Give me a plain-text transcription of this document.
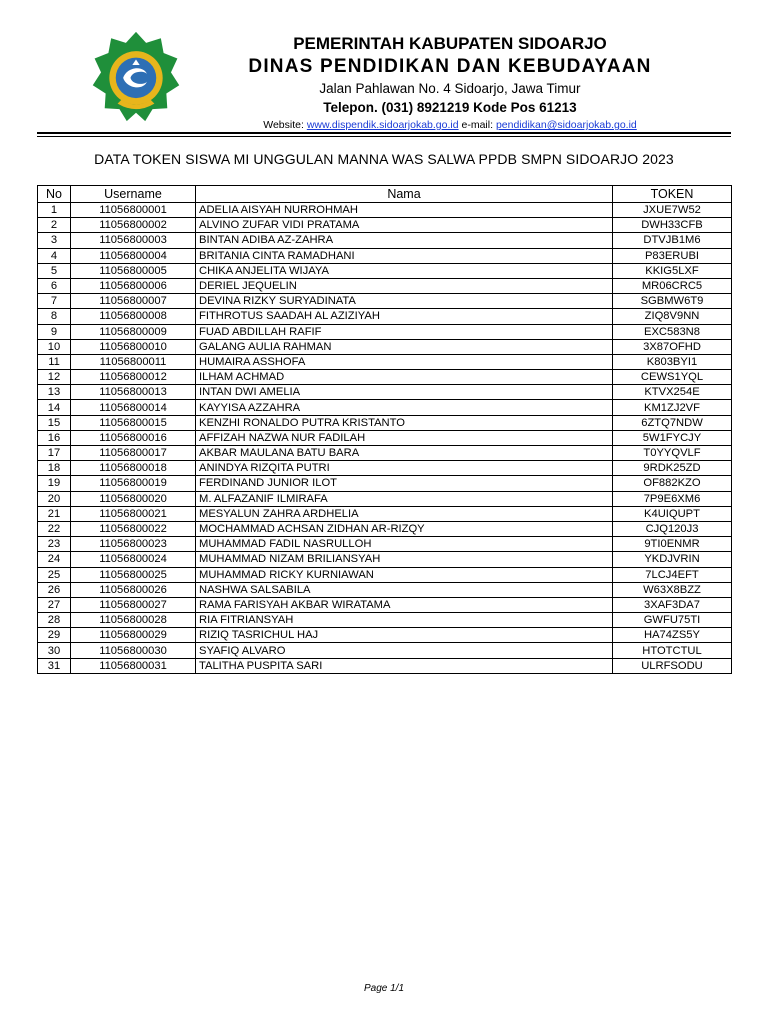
PEMERINTAH KABUPATEN SIDOARJO
DINAS PENDIDIKAN DAN KEBUDAYAAN
Jalan Pahlawan No. 4 Sidoarjo, Jawa Timur
Telepon. (031) 8921219 Kode Pos 61213
Website: www.dispendik.sidoarjokab.go.id e-mail: pendidikan@sidoarjokab.go.id
DATA TOKEN SISWA MI UNGGULAN MANNA WAS SALWA PPDB SMPN SIDOARJO 2023
No	Username	Nama	TOKEN
1	11056800001	ADELIA AISYAH NURROHMAH	JXUE7W52
2	11056800002	ALVINO ZUFAR VIDI PRATAMA	DWH33CFB
3	11056800003	BINTAN ADIBA AZ-ZAHRA	DTVJB1M6
4	11056800004	BRITANIA CINTA RAMADHANI	P83ERUBI
5	11056800005	CHIKA ANJELITA WIJAYA	KKIG5LXF
6	11056800006	DERIEL JEQUELIN	MR06CRC5
7	11056800007	DEVINA RIZKY SURYADINATA	SGBMW6T9
8	11056800008	FITHROTUS SAADAH AL AZIZIYAH	ZIQ8V9NN
9	11056800009	FUAD ABDILLAH RAFIF	EXC583N8
10	11056800010	GALANG AULIA RAHMAN	3X87OFHD
11	11056800011	HUMAIRA ASSHOFA	K803BYI1
12	11056800012	ILHAM ACHMAD	CEWS1YQL
13	11056800013	INTAN DWI AMELIA	KTVX254E
14	11056800014	KAYYISA AZZAHRA	KM1ZJ2VF
15	11056800015	KENZHI RONALDO PUTRA KRISTANTO	6ZTQ7NDW
16	11056800016	AFFIZAH NAZWA NUR FADILAH	5W1FYCJY
17	11056800017	AKBAR MAULANA BATU BARA	T0YYQVLF
18	11056800018	ANINDYA RIZQITA PUTRI	9RDK25ZD
19	11056800019	FERDINAND JUNIOR ILOT	OF882KZO
20	11056800020	M. ALFAZANIF ILMIRAFA	7P9E6XM6
21	11056800021	MESYALUN ZAHRA ARDHELIA	K4UIQUPT
22	11056800022	MOCHAMMAD ACHSAN ZIDHAN AR-RIZQY	CJQ120J3
23	11056800023	MUHAMMAD FADIL NASRULLOH	9TI0ENMR
24	11056800024	MUHAMMAD NIZAM BRILIANSYAH	YKDJVRIN
25	11056800025	MUHAMMAD RICKY KURNIAWAN	7LCJ4EFT
26	11056800026	NASHWA SALSABILA	W63X8BZZ
27	11056800027	RAMA FARISYAH AKBAR WIRATAMA	3XAF3DA7
28	11056800028	RIA FITRIANSYAH	GWFU75TI
29	11056800029	RIZIQ TASRICHUL HAJ	HA74ZS5Y
30	11056800030	SYAFIQ ALVARO	HTOTCTUL
31	11056800031	TALITHA PUSPITA SARI	ULRFSODU
Page 1/1
